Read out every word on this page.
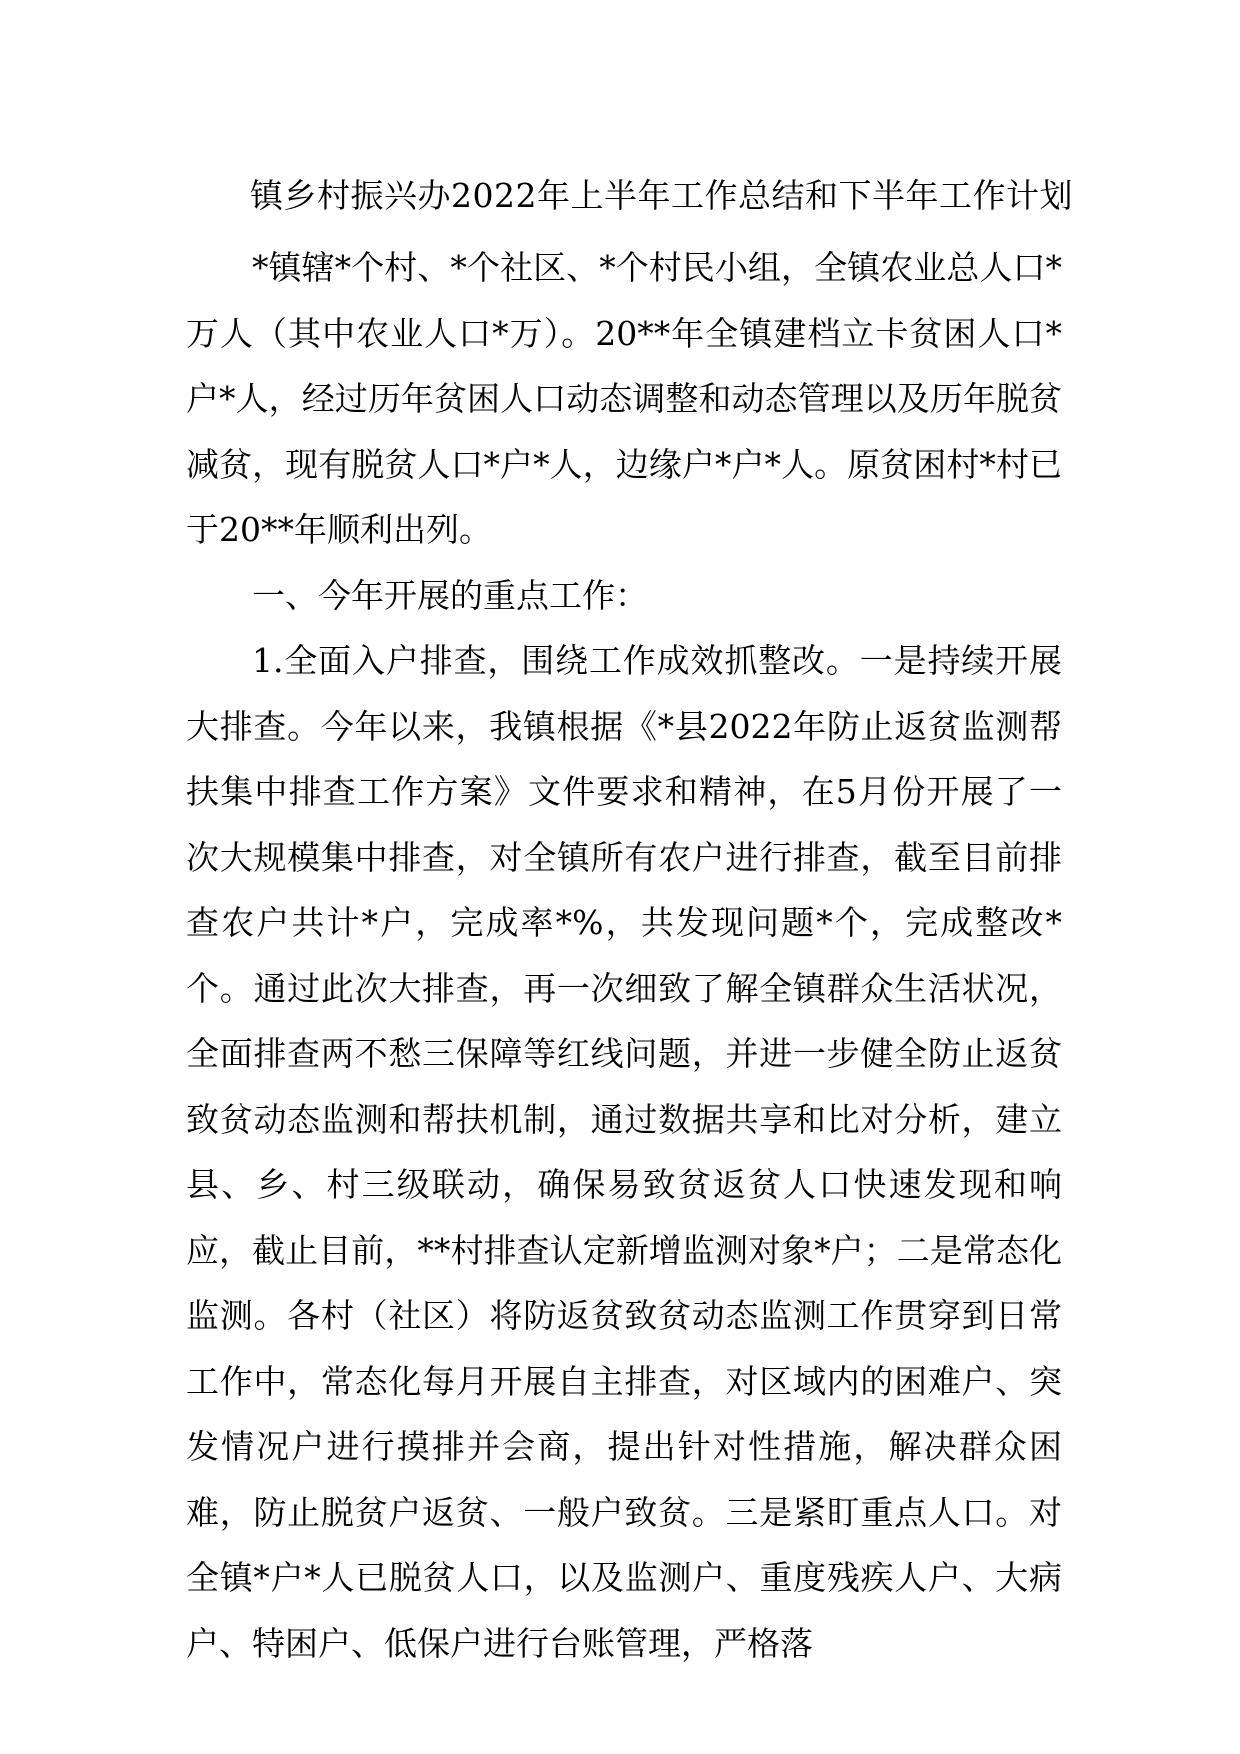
镇乡村振兴办2022年上半年工作总结和下半年工作计划

*镇辖*个村、*个社区、*个村民小组，全镇农业总人口*万人（其中农业人口*万）。20**年全镇建档立卡贫困人口*户*人，经过历年贫困人口动态调整和动态管理以及历年脱贫减贫，现有脱贫人口*户*人，边缘户*户*人。原贫困村*村已于20**年顺利出列。

一、今年开展的重点工作：

1.全面入户排查，围绕工作成效抓整改。一是持续开展大排查。今年以来，我镇根据《*县2022年防止返贫监测帮扶集中排查工作方案》文件要求和精神，在5月份开展了一次大规模集中排查，对全镇所有农户进行排查，截至目前排查农户共计*户，完成率*%，共发现问题*个，完成整改*个。通过此次大排查，再一次细致了解全镇群众生活状况，全面排查两不愁三保障等红线问题，并进一步健全防止返贫致贫动态监测和帮扶机制，通过数据共享和比对分析，建立县、乡、村三级联动，确保易致贫返贫人口快速发现和响应，截止目前，**村排查认定新增监测对象*户；二是常态化监测。各村（社区）将防返贫致贫动态监测工作贯穿到日常工作中，常态化每月开展自主排查，对区域内的困难户、突发情况户进行摸排并会商，提出针对性措施，解决群众困难，防止脱贫户返贫、一般户致贫。三是紧盯重点人口。对全镇*户*人已脱贫人口，以及监测户、重度残疾人户、大病户、特困户、低保户进行台账管理，严格落
